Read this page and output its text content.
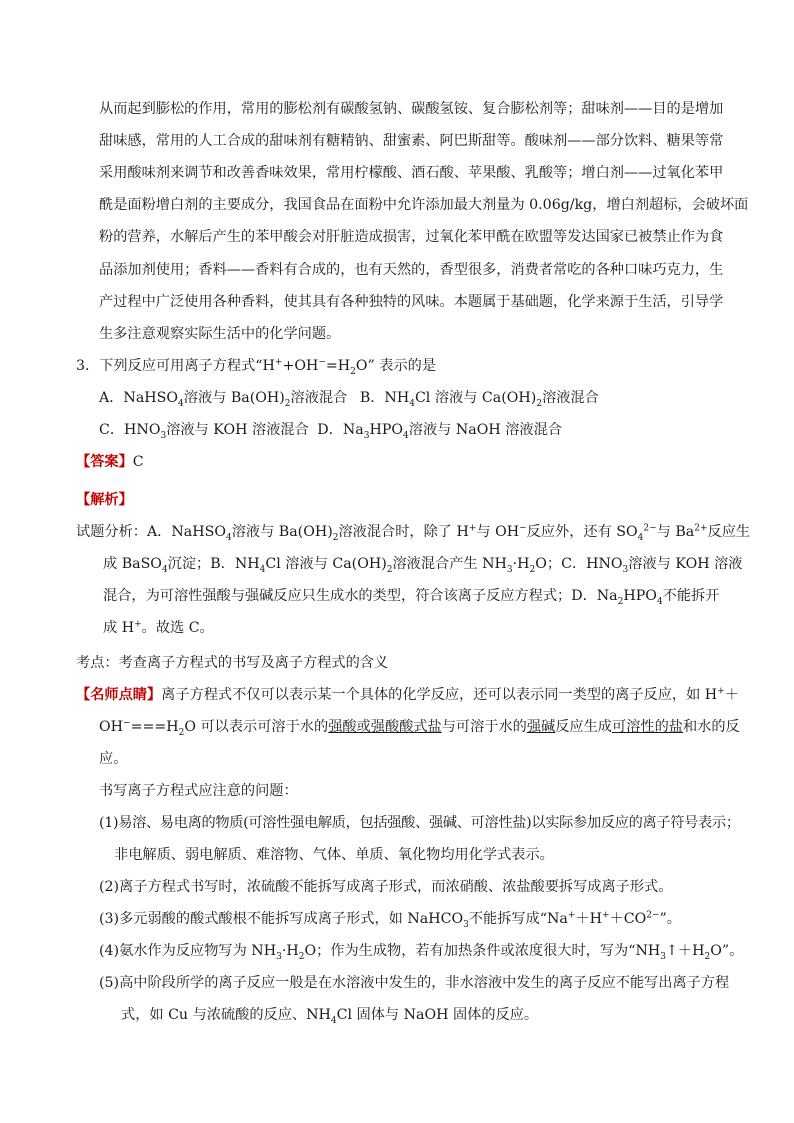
从而起到膨松的作用，常用的膨松剂有碳酸氢钠、碳酸氢铵、复合膨松剂等；甜味剂——目的是增加
甜味感，常用的人工合成的甜味剂有糖精钠、甜蜜素、阿巴斯甜等。酸味剂——部分饮料、糖果等常
采用酸味剂来调节和改善香味效果，常用柠檬酸、酒石酸、苹果酸、乳酸等；增白剂——过氧化苯甲
酰是面粉增白剂的主要成分，我国食品在面粉中允许添加最大剂量为 0.06g/kg，增白剂超标，会破坏面
粉的营养，水解后产生的苯甲酸会对肝脏造成损害，过氧化苯甲酰在欧盟等发达国家已被禁止作为食
品添加剂使用；香料——香料有合成的，也有天然的，香型很多，消费者常吃的各种口味巧克力，生
产过程中广泛使用各种香料，使其具有各种独特的风味。本题属于基础题，化学来源于生活，引导学
生多注意观察实际生活中的化学问题。
3．下列反应可用离子方程式“$H^++OH^-=H_2O$” 表示的是
A．NaHSO$_4$溶液与 $Ba(OH)_2$溶液混合 B．$NH_4Cl$ 溶液与 $Ca(OH)_2$溶液混合
C．$HNO_3$溶液与 KOH 溶液混合 D．$Na_3HPO_4$溶液与 NaOH 溶液混合
【答案】C
【解析】
试题分析：A．NaHSO$_4$溶液与 $Ba(OH)_2$溶液混合时，除了 H+与 OH−反应外，还有 $SO_4^{2-}$与 $Ba^{2+}$反应生
成 BaSO$_4$沉淀；B．$NH_4Cl$ 溶液与 $Ca(OH)_2$溶液混合产生 $NH_3\cdot H_2O$；C．$HNO_3$溶液与 KOH 溶液
混合，为可溶性强酸与强碱反应只生成水的类型，符合该离子反应方程式；D．$Na_2HPO_4$不能拆开
成 H+。故选 C。
考点：考查离子方程式的书写及离子方程式的含义
【名师点睛】离子方程式不仅可以表示某一个具体的化学反应，还可以表示同一类型的离子反应，如 H+＋
$OH^-===H_2O$ 可以表示可溶于水的强酸或强酸酸式盐与可溶于水的强碱反应生成可溶性的盐和水的反
应。
书写离子方程式应注意的问题：
(1)易溶、易电离的物质(可溶性强电解质，包括强酸、强碱、可溶性盐)以实际参加反应的离子符号表示；
非电解质、弱电解质、难溶物、气体、单质、氧化物均用化学式表示。
(2)离子方程式书写时，浓硫酸不能拆写成离子形式，而浓硝酸、浓盐酸要拆写成离子形式。
(3)多元弱酸的酸式酸根不能拆写成离子形式，如 NaHCO$_3$不能拆写成“$Na^++H^++CO^{2-}$”。
(4)氨水作为反应物写为 $NH_3\cdot H_2O$；作为生成物，若有加热条件或浓度很大时，写为“$NH_3↑+H_2O$”。
(5)高中阶段所学的离子反应一般是在水溶液中发生的，非水溶液中发生的离子反应不能写出离子方程
式，如 Cu 与浓硫酸的反应、$NH_4Cl$ 固体与 NaOH 固体的反应。
